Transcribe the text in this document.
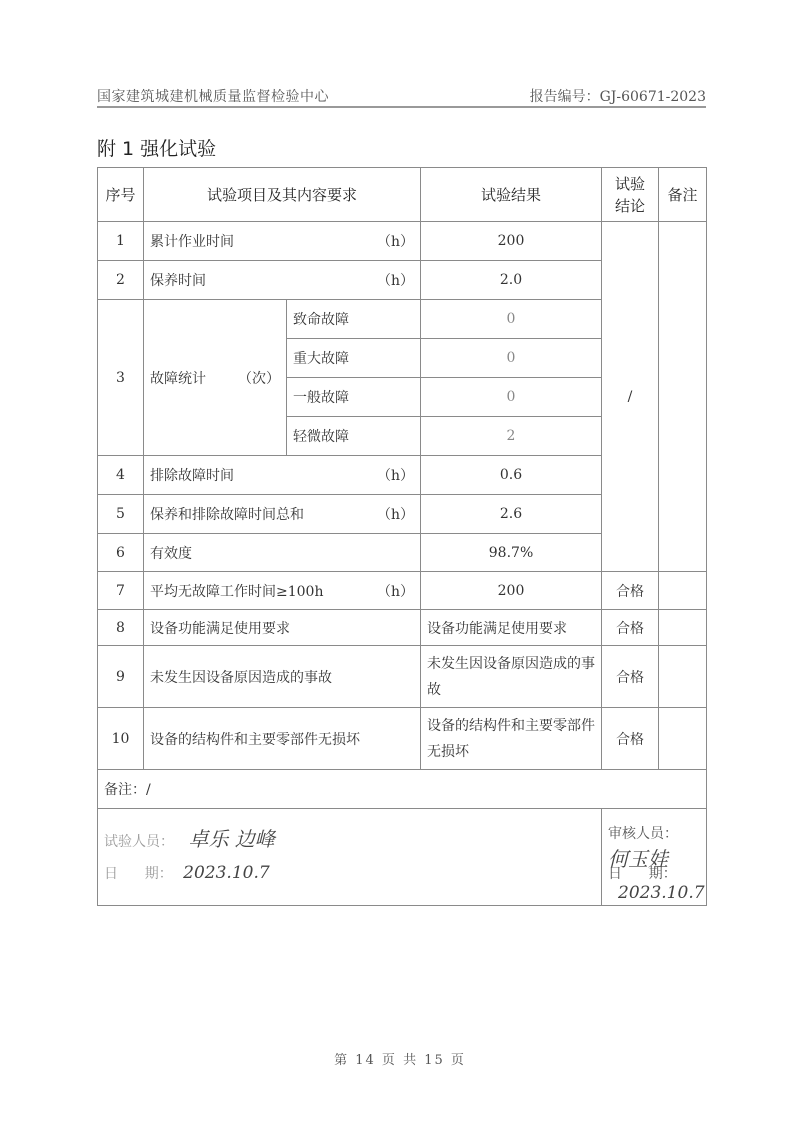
国家建筑城建机械质量监督检验中心	报告编号：GJ-60671-2023
附 1 强化试验
序号	试验项目及其内容要求		试验结果	试验
结论	备注
1	累计作业时间 （h）		200	/	
2	保养时间 （h）		2.0		
3	故障统计 （次）	致命故障	0		
		重大故障	0		
		一般故障	0		
		轻微故障	2		
4	排除故障时间 （h）		0.6		
5	保养和排除故障时间总和 （h）		2.6		
6	有效度		98.7%		
7	平均无故障工作时间≥100h （h）		200	合格	
8	设备功能满足使用要求		设备功能满足使用要求	合格	
9	未发生因设备原因造成的事故		未发生因设备原因造成的事故	合格	
10	设备的结构件和主要零部件无损坏		设备的结构件和主要零部件无损坏	合格	
备注：/					

试验人员： 卓乐 边峰
日      期： 2023.10.7

审核人员： 何玉娃
日      期： 2023.10.7
第 14 页 共 15 页
